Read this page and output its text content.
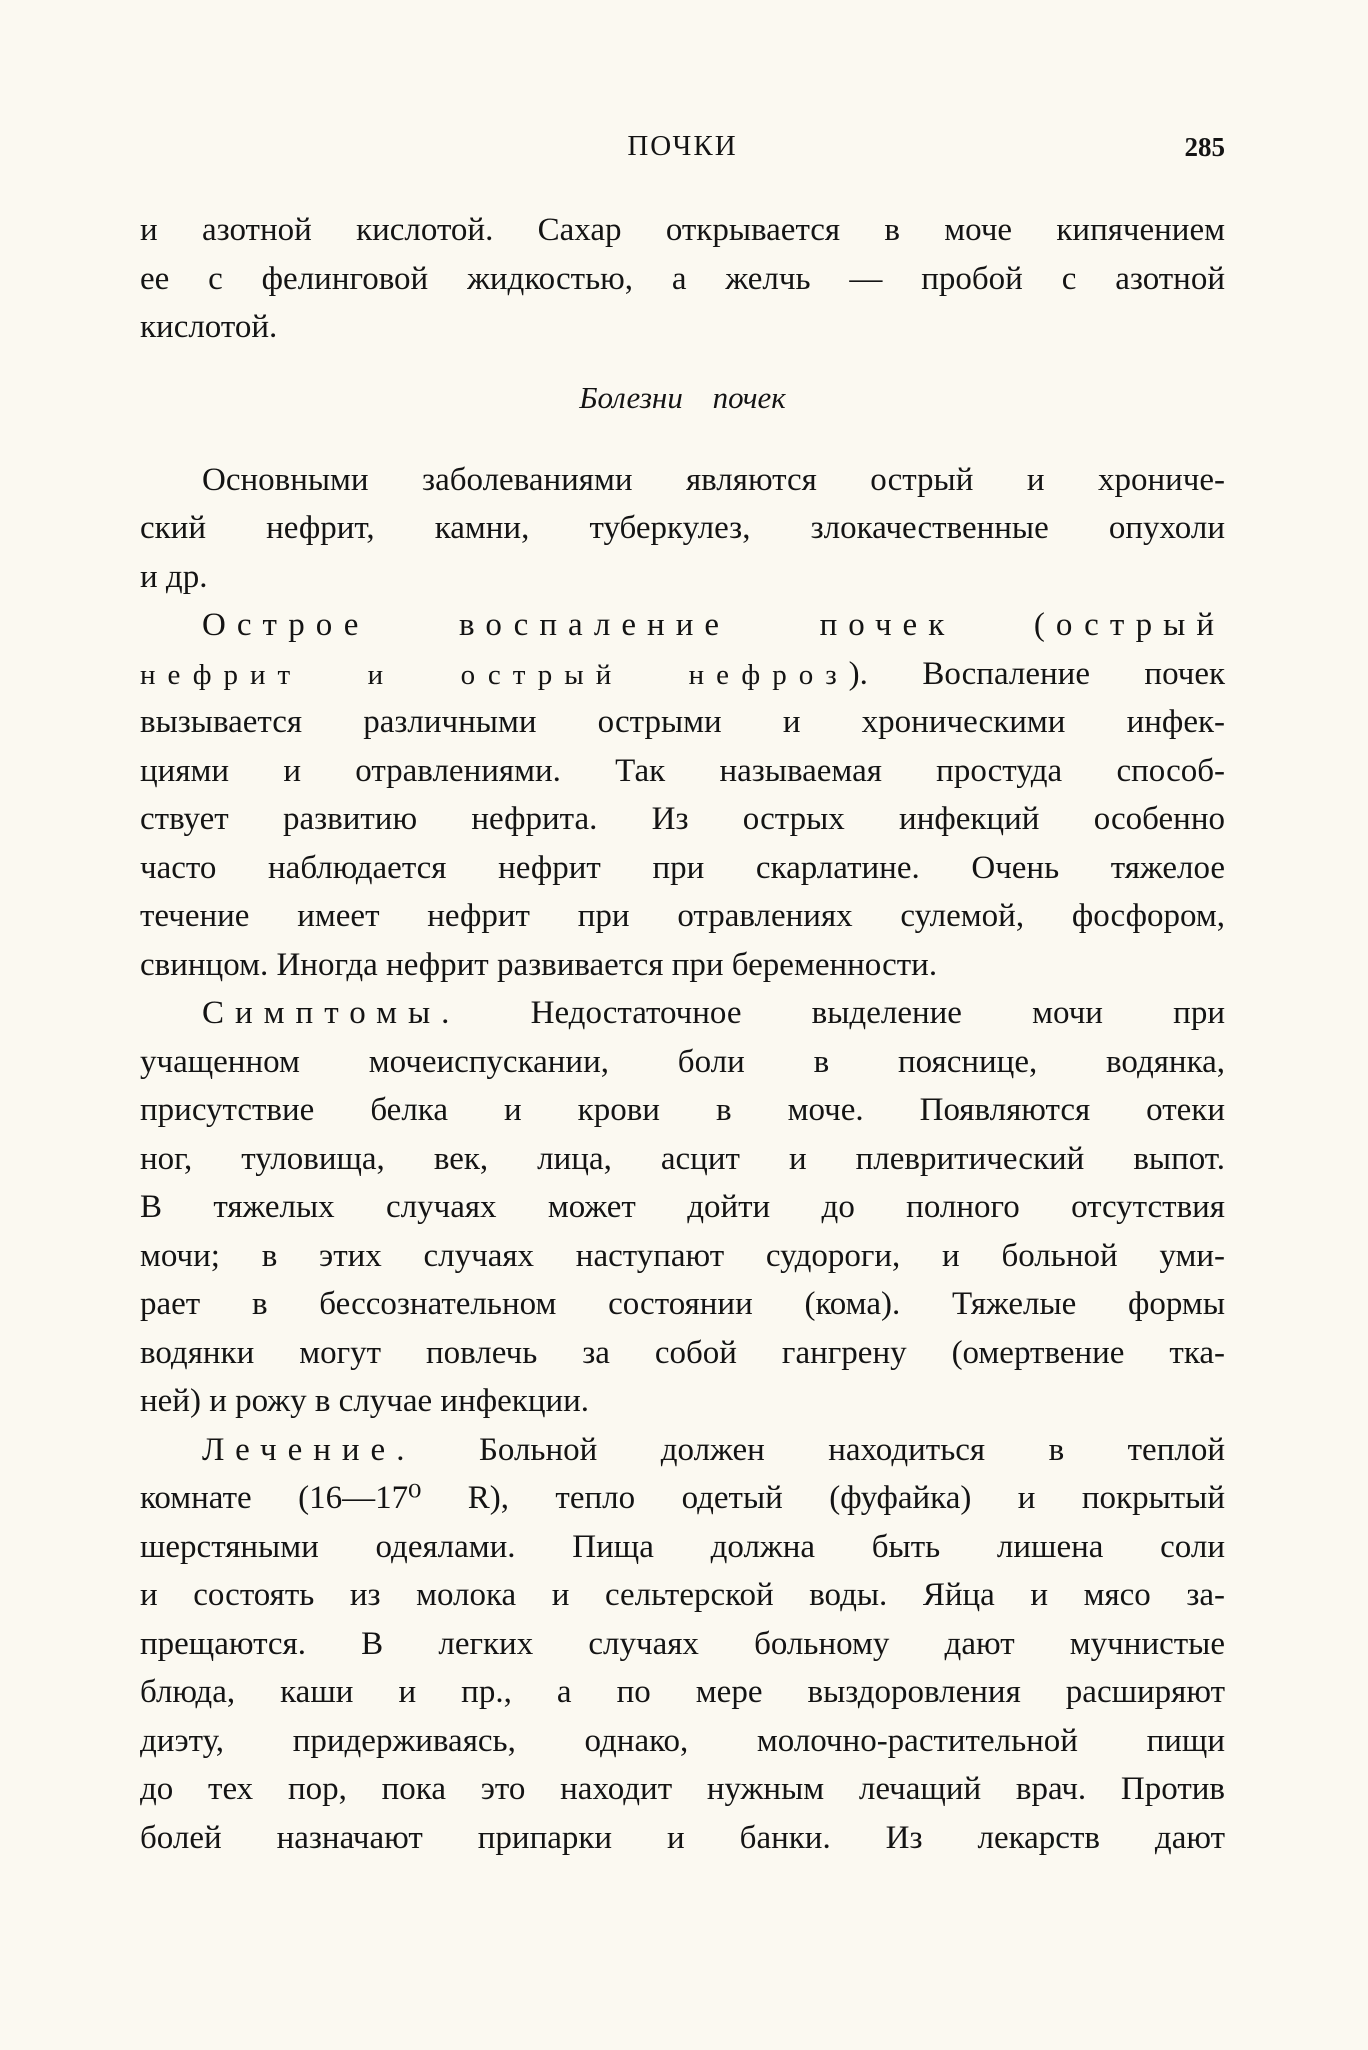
ПОЧКИ	285
и азотной кислотой. Сахар открывается в моче кипячением
ее с фелинговой жидкостью, а желчь — пробой с азотной
кислотой.
Болезни почек
Основными заболеваниями являются острый и хрониче-
ский нефрит, камни, туберкулез, злокачественные опухоли
и др.
Острое воспаление почек (острый
нефрит и острый нефроз). Воспаление почек
вызывается различными острыми и хроническими инфек-
циями и отравлениями. Так называемая простуда способ-
ствует развитию нефрита. Из острых инфекций особенно
часто наблюдается нефрит при скарлатине. Очень тяжелое
течение имеет нефрит при отравлениях сулемой, фосфором,
свинцом. Иногда нефрит развивается при беременности.
Симптомы. Недостаточное выделение мочи при
учащенном мочеиспускании, боли в пояснице, водянка,
присутствие белка и крови в моче. Появляются отеки
ног, туловища, век, лица, асцит и плевритический выпот.
В тяжелых случаях может дойти до полного отсутствия
мочи; в этих случаях наступают судороги, и больной уми-
рает в бессознательном состоянии (кома). Тяжелые формы
водянки могут повлечь за собой гангрену (омертвение тка-
ней) и рожу в случае инфекции.
Лечение. Больной должен находиться в теплой
комнате (16—17⁰ R), тепло одетый (фуфайка) и покрытый
шерстяными одеялами. Пища должна быть лишена соли
и состоять из молока и сельтерской воды. Яйца и мясо за-
прещаются. В легких случаях больному дают мучнистые
блюда, каши и пр., а по мере выздоровления расширяют
диэту, придерживаясь, однако, молочно-растительной пищи
до тех пор, пока это находит нужным лечащий врач. Против
болей назначают припарки и банки. Из лекарств дают
